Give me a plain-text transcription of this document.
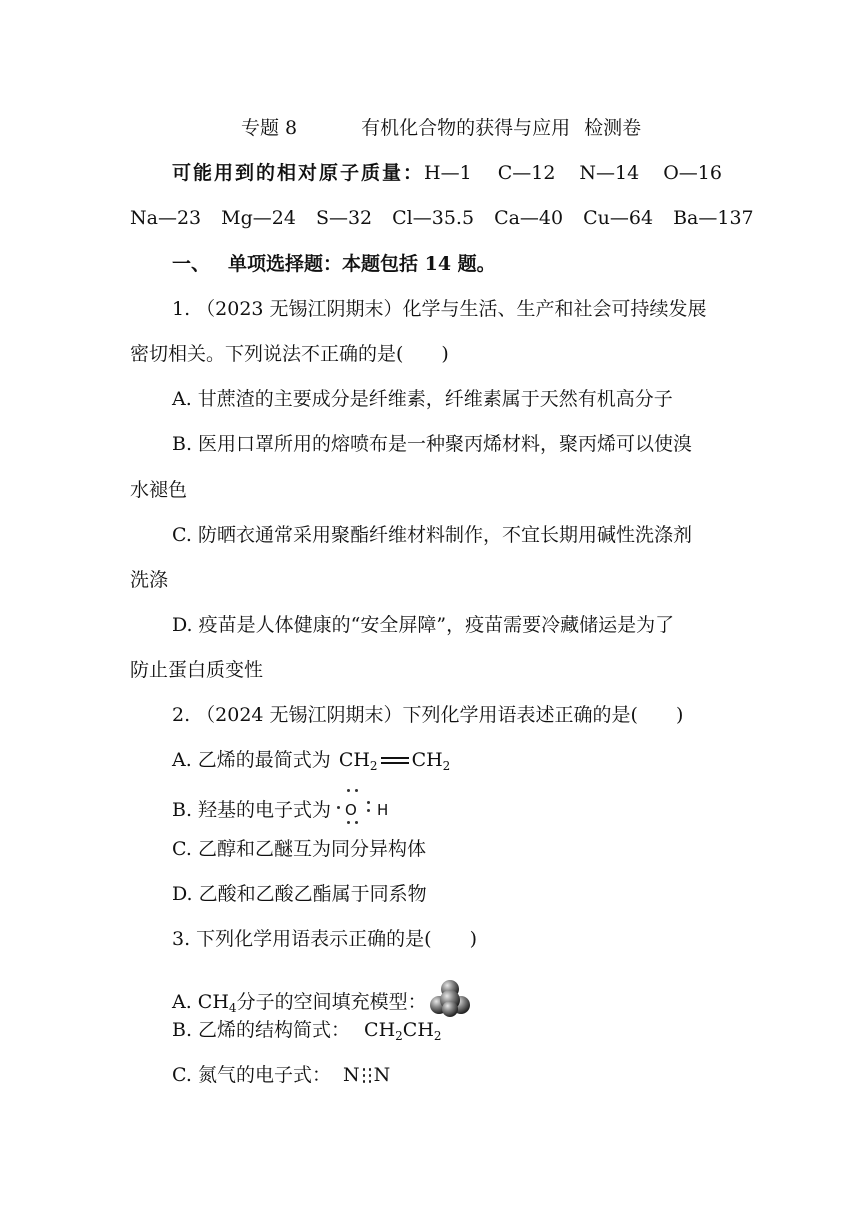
专题 8	有机化合物的获得与应用 检测卷
可能用到的相对原子质量：H—1 C—12 N—14 O—16
Na—23 Mg—24 S—32 Cl—35.5 Ca—40 Cu—64 Ba—137
一、 单项选择题：本题包括 14 题。
1. （2023 无锡江阴期末）化学与生活、生产和社会可持续发展
密切相关。下列说法不正确的是( )
A. 甘蔗渣的主要成分是纤维素，纤维素属于天然有机高分子
B. 医用口罩所用的熔喷布是一种聚丙烯材料，聚丙烯可以使溴
水褪色
C. 防晒衣通常采用聚酯纤维材料制作，不宜长期用碱性洗涤剂
洗涤
D. 疫苗是人体健康的“安全屏障”，疫苗需要冷藏储运是为了
防止蛋白质变性
2. （2024 无锡江阴期末）下列化学用语表述正确的是( )
A. 乙烯的最简式为 $CH_2$ $CH_2$
B. 羟基的电子式为 O H
C. 乙醇和乙醚互为同分异构体
D. 乙酸和乙酸乙酯属于同系物
3. 下列化学用语表示正确的是( )
A. $CH_4$分子的空间填充模型：
B. 乙烯的结构简式： $CH_2CH_2$
C. 氮气的电子式： N N
